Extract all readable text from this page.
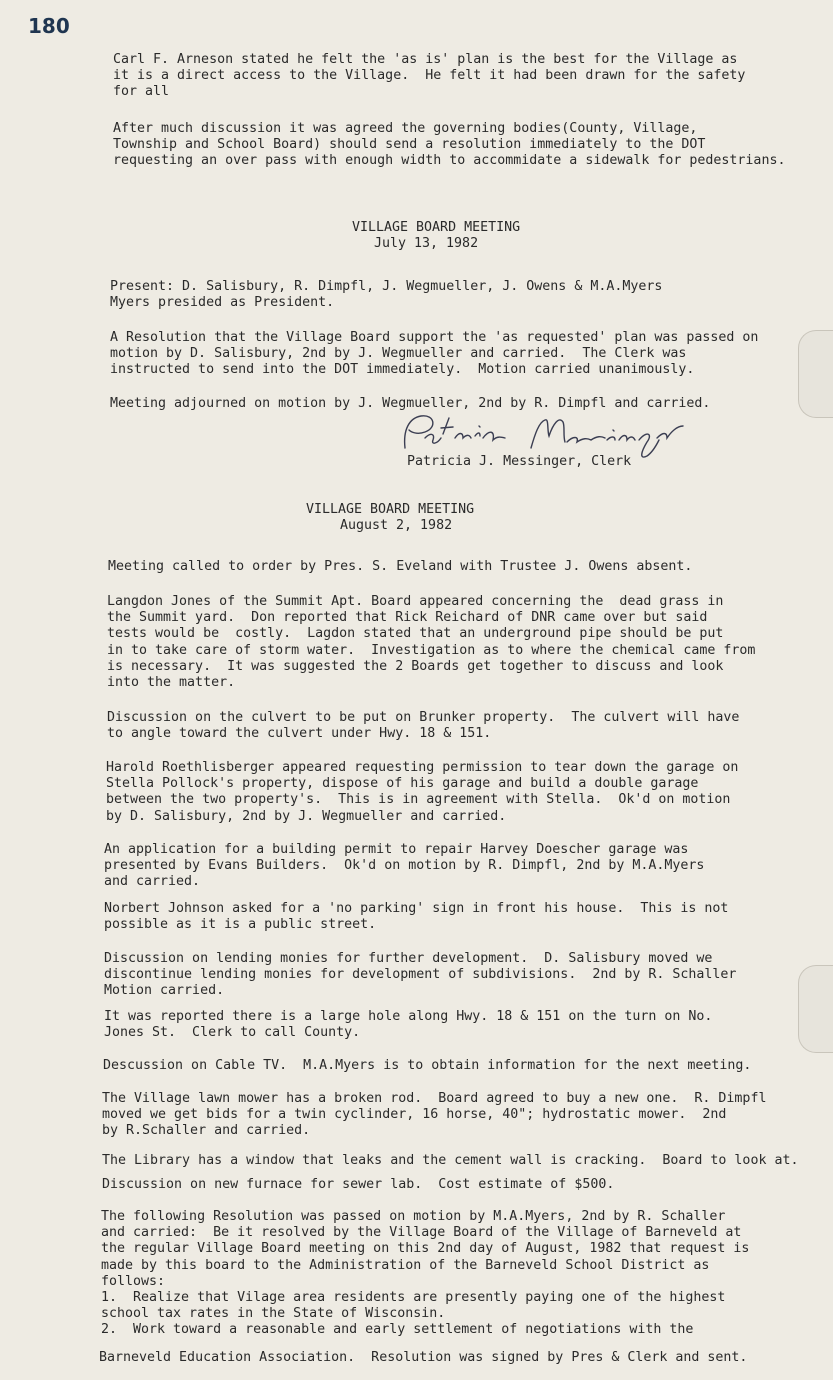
180

Carl F. Arneson stated he felt the 'as is' plan is the best for the Village as
it is a direct access to the Village.  He felt it had been drawn for the safety
for all

After much discussion it was agreed the governing bodies(County, Village,
Township and School Board) should send a resolution immediately to the DOT
requesting an over pass with enough width to accommidate a sidewalk for pedestrians.

VILLAGE BOARD MEETING

July 13, 1982

Present: D. Salisbury, R. Dimpfl, J. Wegmueller, J. Owens & M.A.Myers
Myers presided as President.

A Resolution that the Village Board support the 'as requested' plan was passed on
motion by D. Salisbury, 2nd by J. Wegmueller and carried.  The Clerk was
instructed to send into the DOT immediately.  Motion carried unanimously.

Meeting adjourned on motion by J. Wegmueller, 2nd by R. Dimpfl and carried.

Patricia J. Messinger, Clerk

VILLAGE BOARD MEETING

August 2, 1982

Meeting called to order by Pres. S. Eveland with Trustee J. Owens absent.

Langdon Jones of the Summit Apt. Board appeared concerning the  dead grass in
the Summit yard.  Don reported that Rick Reichard of DNR came over but said
tests would be  costly.  Lagdon stated that an underground pipe should be put
in to take care of storm water.  Investigation as to where the chemical came from
is necessary.  It was suggested the 2 Boards get together to discuss and look
into the matter.

Discussion on the culvert to be put on Brunker property.  The culvert will have
to angle toward the culvert under Hwy. 18 & 151.

Harold Roethlisberger appeared requesting permission to tear down the garage on
Stella Pollock's property, dispose of his garage and build a double garage
between the two property's.  This is in agreement with Stella.  Ok'd on motion
by D. Salisbury, 2nd by J. Wegmueller and carried.

An application for a building permit to repair Harvey Doescher garage was
presented by Evans Builders.  Ok'd on motion by R. Dimpfl, 2nd by M.A.Myers
and carried.

Norbert Johnson asked for a 'no parking' sign in front his house.  This is not
possible as it is a public street.

Discussion on lending monies for further development.  D. Salisbury moved we
discontinue lending monies for development of subdivisions.  2nd by R. Schaller
Motion carried.

It was reported there is a large hole along Hwy. 18 & 151 on the turn on No.
Jones St.  Clerk to call County.

Descussion on Cable TV.  M.A.Myers is to obtain information for the next meeting.

The Village lawn mower has a broken rod.  Board agreed to buy a new one.  R. Dimpfl
moved we get bids for a twin cyclinder, 16 horse, 40"; hydrostatic mower.  2nd
by R.Schaller and carried.

The Library has a window that leaks and the cement wall is cracking.  Board to look at.

Discussion on new furnace for sewer lab.  Cost estimate of $500.

The following Resolution was passed on motion by M.A.Myers, 2nd by R. Schaller
and carried:  Be it resolved by the Village Board of the Village of Barneveld at
the regular Village Board meeting on this 2nd day of August, 1982 that request is
made by this board to the Administration of the Barneveld School District as
follows:
1.  Realize that Vilage area residents are presently paying one of the highest
school tax rates in the State of Wisconsin.
2.  Work toward a reasonable and early settlement of negotiations with the

Barneveld Education Association.  Resolution was signed by Pres & Clerk and sent.
